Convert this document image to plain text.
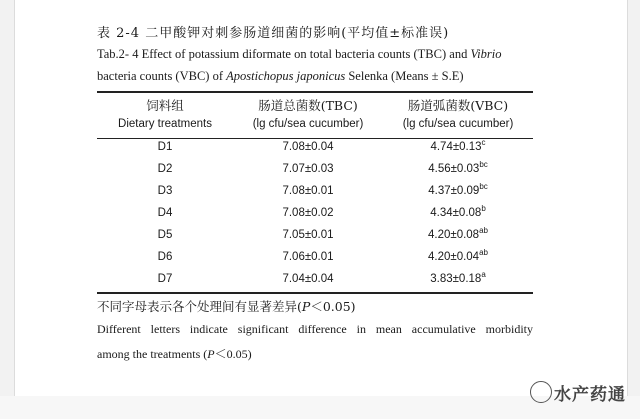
表 2-4 二甲酸钾对刺参肠道细菌的影响(平均值±标准误)
Tab.2- 4 Effect of potassium diformate on total bacteria counts (TBC) and Vibrio
bacteria counts (VBC) of Apostichopus japonicus Selenka (Means ± S.E)
饲料组	肠道总菌数(TBC)	肠道弧菌数(VBC)
Dietary treatments	(lg cfu/sea cucumber)	(lg cfu/sea cucumber)
D1	7.08±0.04	4.74±0.13$^c$
D2	7.07±0.03	4.56±0.03$^{bc}$
D3	7.08±0.01	4.37±0.09$^{bc}$
D4	7.08±0.02	4.34±0.08$^b$
D5	7.05±0.01	4.20±0.08$^{ab}$
D6	7.06±0.01	4.20±0.04$^{ab}$
D7	7.04±0.04	3.83±0.18$^a$
不同字母表示各个处理间有显著差异(P＜0.05)
Different letters indicate significant difference in mean accumulative morbidity
among the treatments (P＜0.05)
水产药通
